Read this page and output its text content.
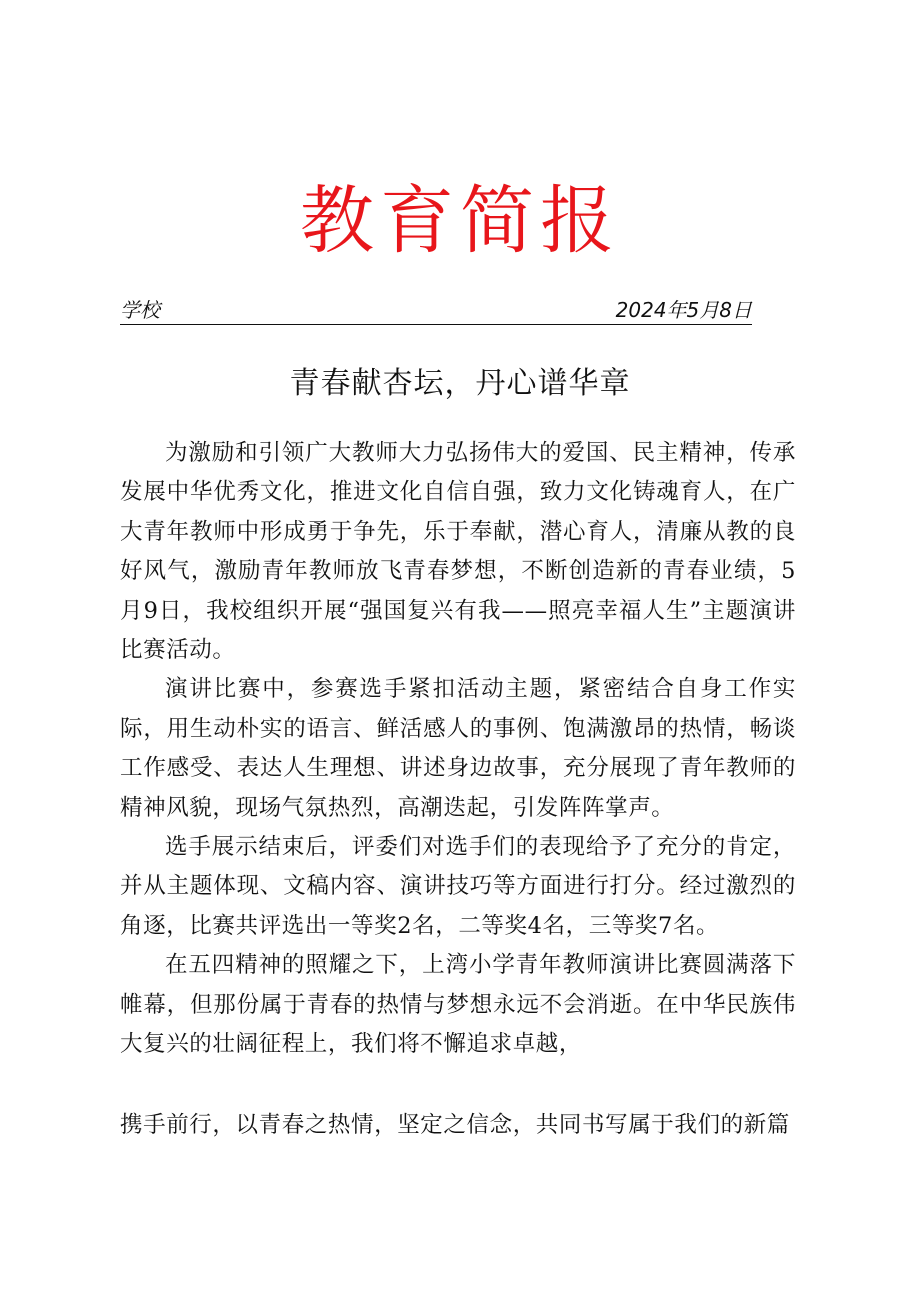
教育简报
学校	2024年5月8日
青春献杏坛，丹心谱华章

为激励和引领广大教师大力弘扬伟大的爱国、民主精神，传承发展中华优秀文化，推进文化自信自强，致力文化铸魂育人，在广大青年教师中形成勇于争先，乐于奉献，潜心育人，清廉从教的良好风气，激励青年教师放飞青春梦想，不断创造新的青春业绩，5月9日，我校组织开展“强国复兴有我——照亮幸福人生”主题演讲比赛活动。

演讲比赛中，参赛选手紧扣活动主题，紧密结合自身工作实际，用生动朴实的语言、鲜活感人的事例、饱满激昂的热情，畅谈工作感受、表达人生理想、讲述身边故事，充分展现了青年教师的精神风貌，现场气氛热烈，高潮迭起，引发阵阵掌声。

选手展示结束后，评委们对选手们的表现给予了充分的肯定，并从主题体现、文稿内容、演讲技巧等方面进行打分。经过激烈的角逐，比赛共评选出一等奖2名，二等奖4名，三等奖7名。

在五四精神的照耀之下，上湾小学青年教师演讲比赛圆满落下帷幕，但那份属于青春的热情与梦想永远不会消逝。在中华民族伟大复兴的壮阔征程上，我们将不懈追求卓越，

携手前行，以青春之热情，坚定之信念，共同书写属于我们的新篇
